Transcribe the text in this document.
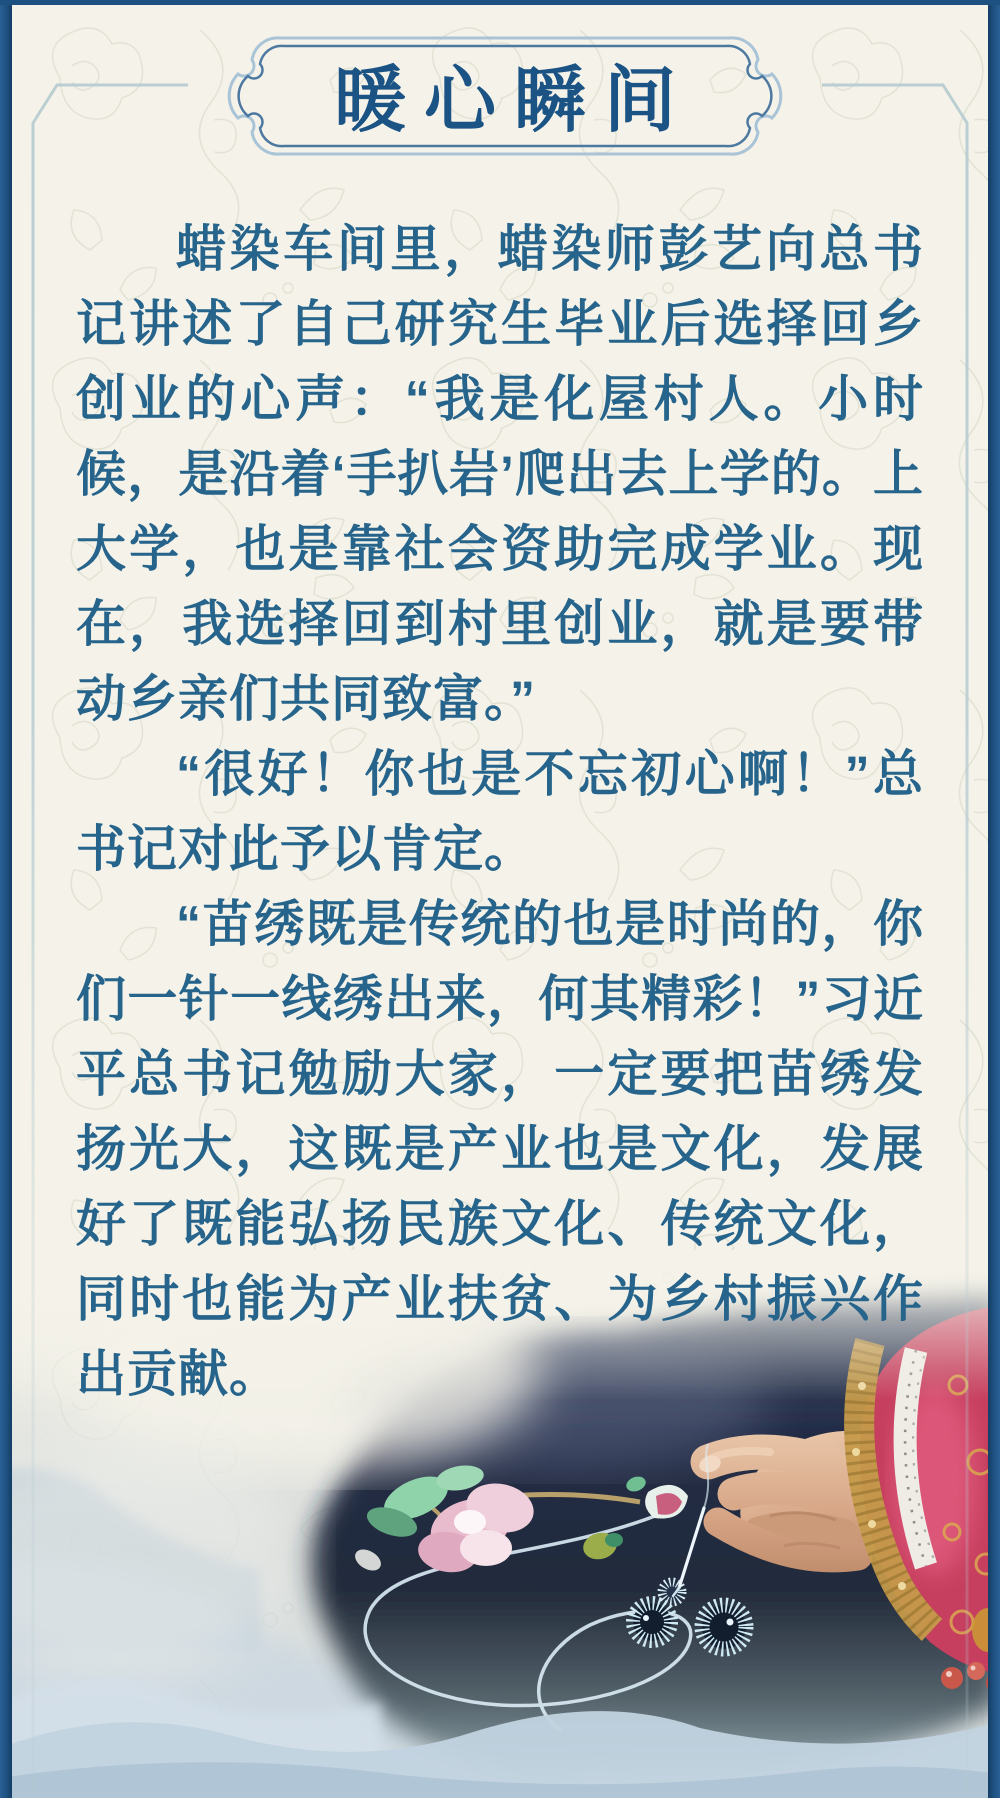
暖心瞬间

蜡染车间里，蜡染师彭艺向总书记讲述了自己研究生毕业后选择回乡创业的心声：“我是化屋村人。小时候，是沿着‘手扒岩’爬出去上学的。上大学，也是靠社会资助完成学业。现在，我选择回到村里创业，就是要带动乡亲们共同致富。”

“很好！你也是不忘初心啊！”总书记对此予以肯定。

“苗绣既是传统的也是时尚的，你们一针一线绣出来，何其精彩！”习近平总书记勉励大家，一定要把苗绣发扬光大，这既是产业也是文化，发展好了既能弘扬民族文化、传统文化，同时也能为产业扶贫、为乡村振兴作出贡献。
